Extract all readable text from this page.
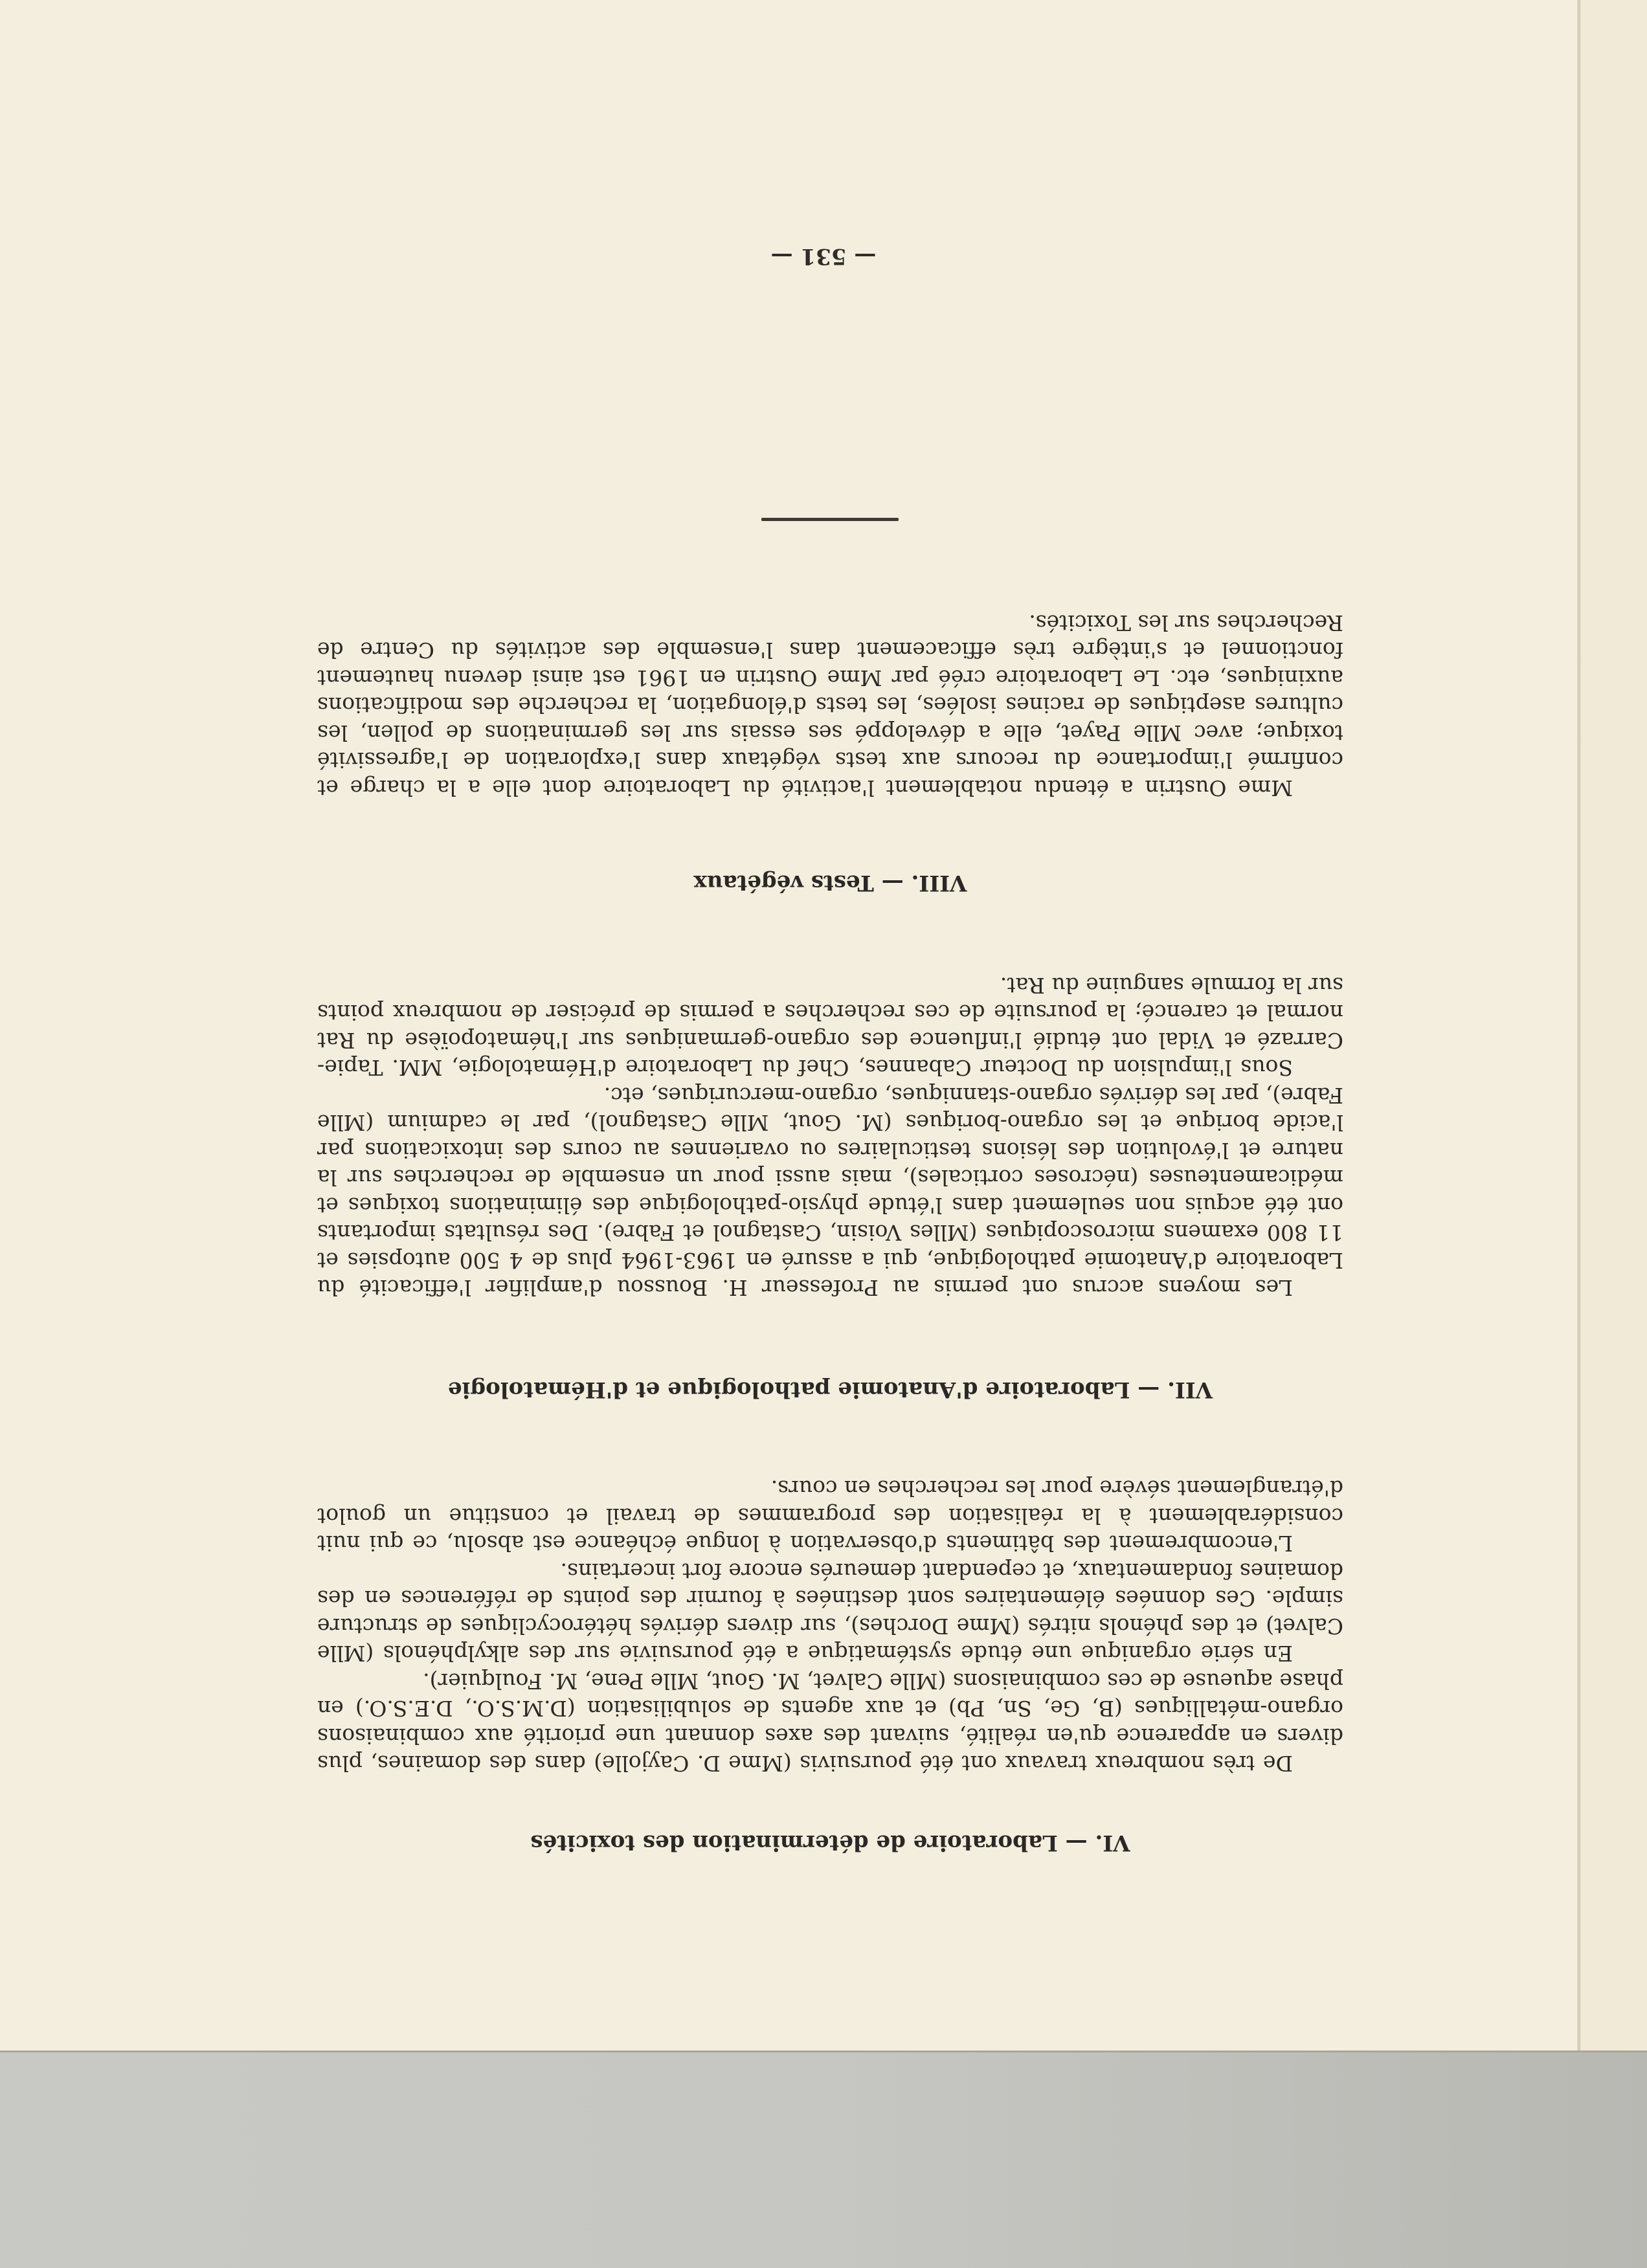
VI. — Laboratoire de détermination des toxicités

De très nombreux travaux ont été poursuivis (Mme D. Cayjolle) dans des domaines, plus divers en apparence qu'en réalité, suivant des axes donnant une priorité aux combinaisons organo-métalliques (B, Ge, Sn, Pb) et aux agents de solubilisation (D.M.S.O., D.E.S.O.) en phase aqueuse de ces combinaisons (Mlle Calvet, M. Gout, Mlle Pene, M. Foulquier).

En série organique une étude systématique a été poursuivie sur des alkylphénols (Mlle Calvet) et des phénols nitrés (Mme Dorches), sur divers dérivés hétérocycliques de structure simple. Ces données élémentaires sont destinées à fournir des points de références en des domaines fondamentaux, et cependant demeurés encore fort incertains.

L'encombrement des bâtiments d'observation à longue échéance est absolu, ce qui nuit considérablement à la réalisation des programmes de travail et constitue un goulot d'étranglement sévère pour les recherches en cours.

VII. — Laboratoire d'Anatomie pathologique et d'Hématologie

Les moyens accrus ont permis au Professeur H. Boussou d'amplifier l'efficacité du Laboratoire d'Anatomie pathologique, qui a assuré en 1963-1964 plus de 4 500 autopsies et 11 800 examens microscopiques (Mlles Voisin, Castagnol et Fabre). Des résultats importants ont été acquis non seulement dans l'étude physio-pathologique des éliminations toxiques et médicamenteuses (nécroses corticales), mais aussi pour un ensemble de recherches sur la nature et l'évolution des lésions testiculaires ou ovariennes au cours des intoxications par l'acide borique et les organo-boriques (M. Gout, Mlle Castagnol), par le cadmium (Mlle Fabre), par les dérivés organo-stanniques, organo-mercuriques, etc.

Sous l'impulsion du Docteur Cabannes, Chef du Laboratoire d'Hématologie, MM. Tapie-Carrazé et Vidal ont étudié l'influence des organo-germaniques sur l'hématopoïèse du Rat normal et carencé; la poursuite de ces recherches a permis de préciser de nombreux points sur la formule sanguine du Rat.

VIII. — Tests végétaux

Mme Oustrin a étendu notablement l'activité du Laboratoire dont elle a la charge et confirmé l'importance du recours aux tests végétaux dans l'exploration de l'agressivité toxique; avec Mlle Payet, elle a développé ses essais sur les germinations de pollen, les cultures aseptiques de racines isolées, les tests d'élongation, la recherche des modifications auxiniques, etc. Le Laboratoire créé par Mme Oustrin en 1961 est ainsi devenu hautement fonctionnel et s'intègre très efficacement dans l'ensemble des activités du Centre de Recherches sur les Toxicités.

— 531 —
